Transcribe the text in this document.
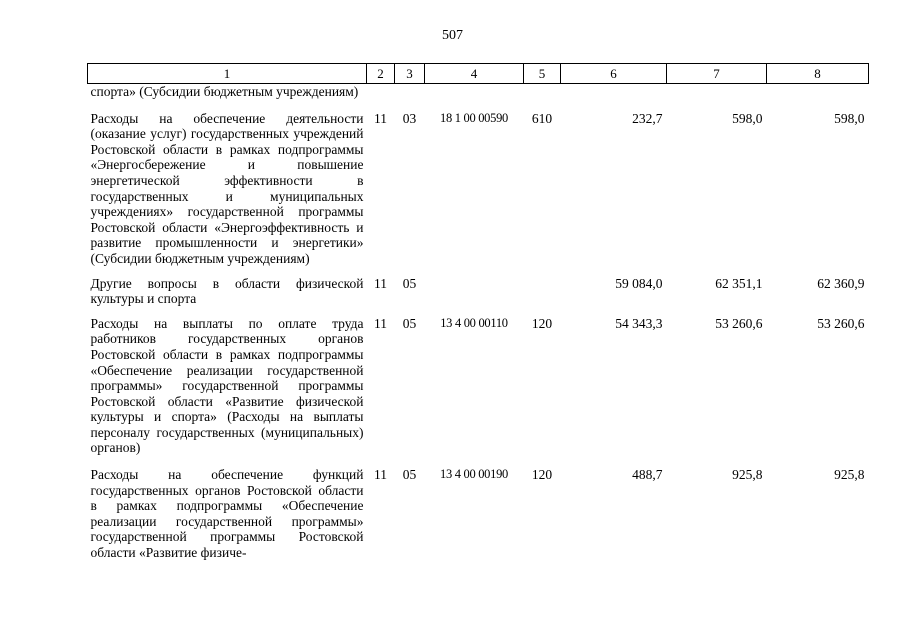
507
1	2	3	4	5	6	7	8
спорта» (Субсидии бюджетным учреждениям)							

Расходы на обеспечение деятельности (оказание услуг) государственных учреждений Ростовской области в рамках подпрограммы «Энергосбережение и повышение энергетической эффективности в государственных и муниципальных учреждениях» государственной программы Ростовской области «Энергоэффективность и развитие промышленности и энергетики» (Субсидии бюджетным учреждениям)	11	03	18 1 00 00590	610	232,7	598,0	598,0

Другие вопросы в области физической культуры и спорта	11	05			59 084,0	62 351,1	62 360,9

Расходы на выплаты по оплате труда работников государственных органов Ростовской области в рамках подпрограммы «Обеспечение реализации государственной программы» государственной программы Ростовской области «Развитие физической культуры и спорта» (Расходы на выплаты персоналу государственных (муниципальных) органов)	11	05	13 4 00 00110	120	54 343,3	53 260,6	53 260,6

Расходы на обеспечение функций государственных органов Ростовской области в рамках подпрограммы «Обеспечение реализации государственной программы» государственной программы Ростовской области «Развитие физиче-	11	05	13 4 00 00190	120	488,7	925,8	925,8
